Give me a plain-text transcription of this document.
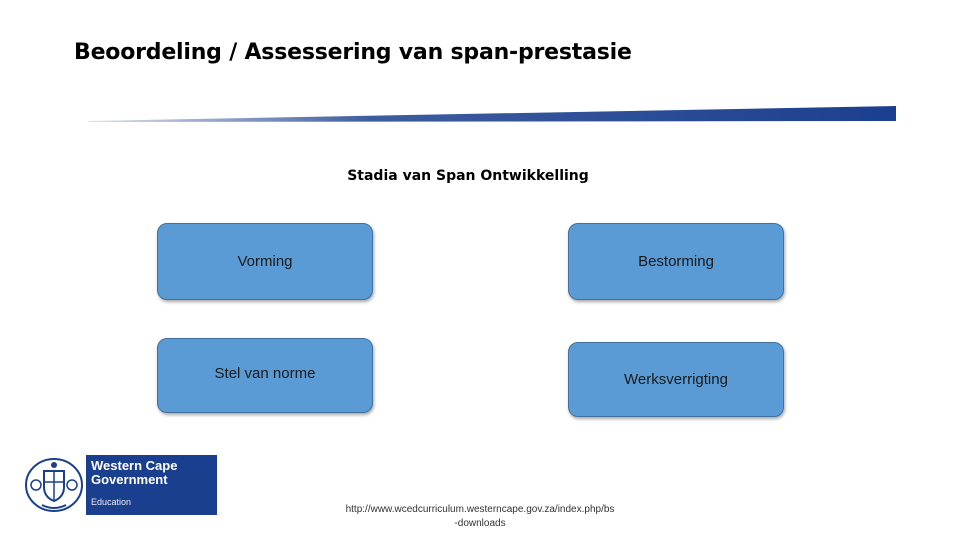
Beoordeling / Assessering van span-prestasie
Stadia van Span Ontwikkelling
Vorming	Bestorming
Stel van norme	Werksverrigting
Western Cape
Government
Education
http://www.wcedcurriculum.westerncape.gov.za/index.php/bs
-downloads
